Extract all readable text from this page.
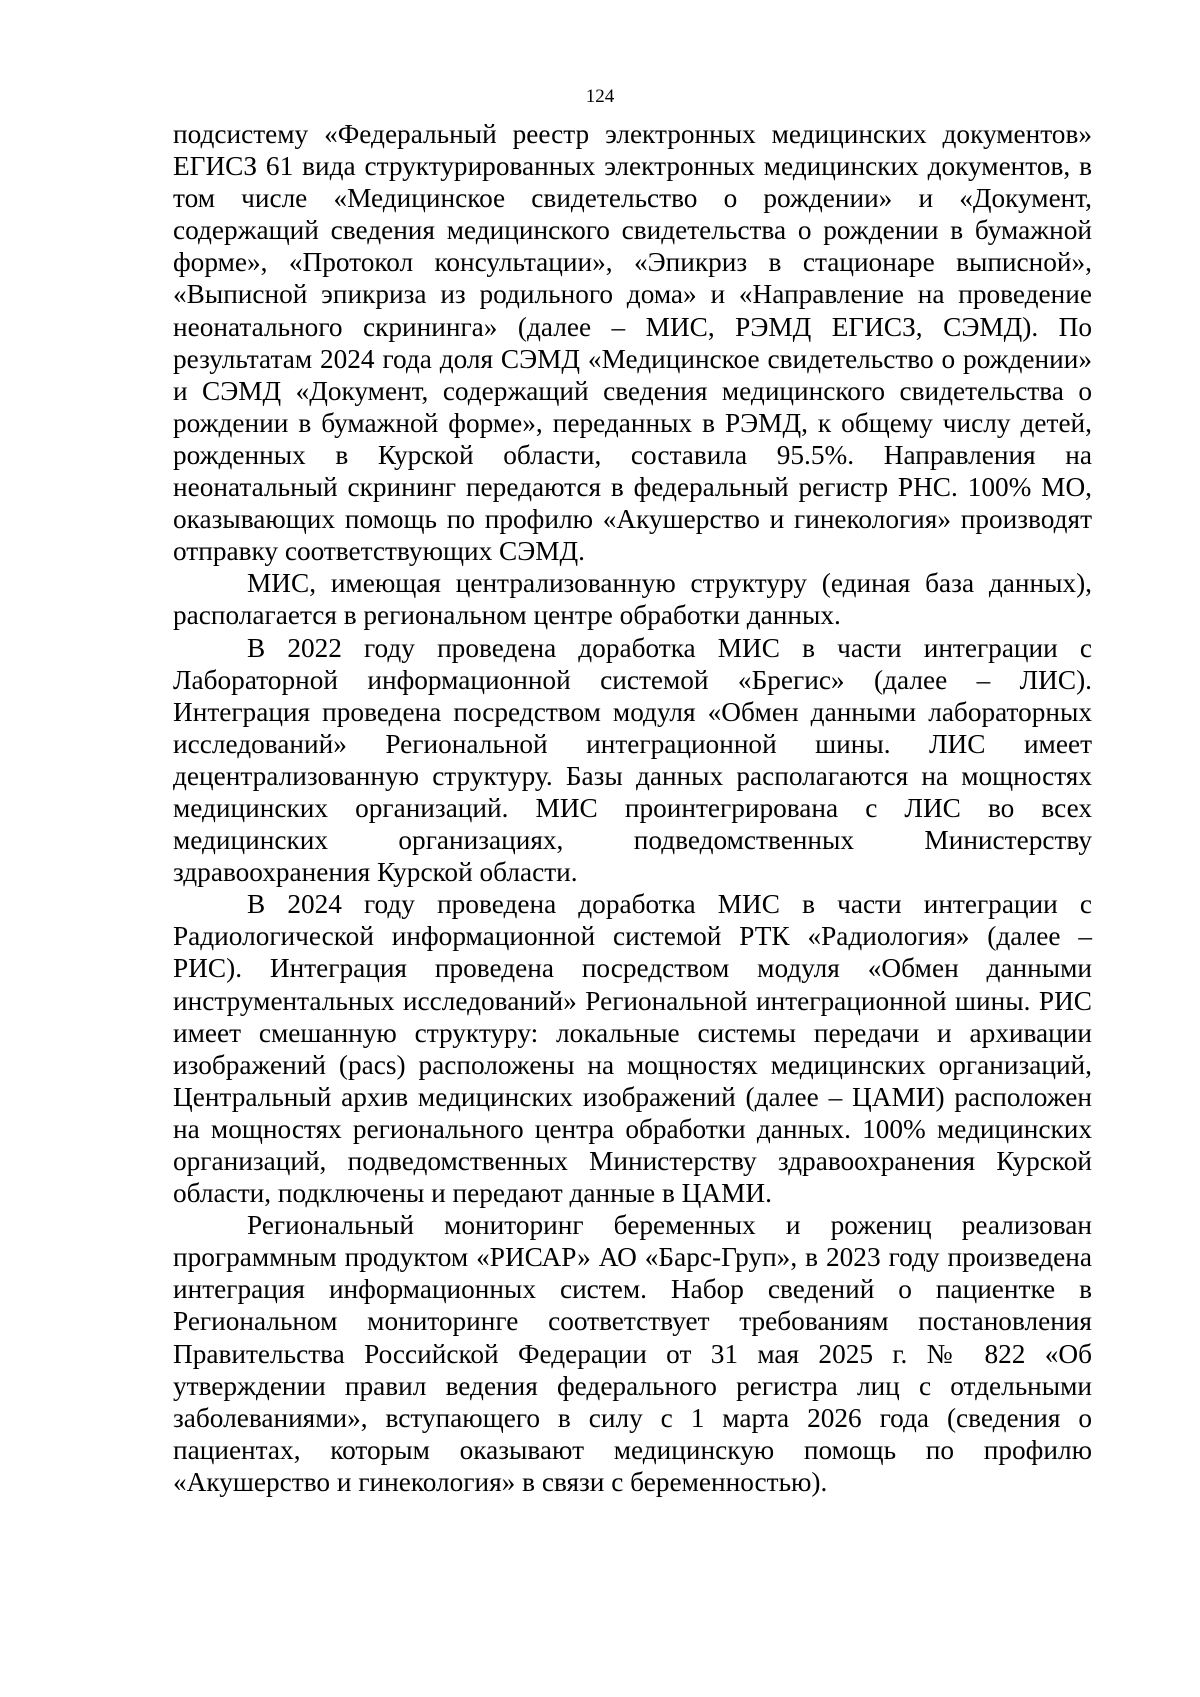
124

подсистему «Федеральный реестр электронных медицинских документов» ЕГИСЗ 61 вида структурированных электронных медицинских документов, в том числе «Медицинское свидетельство о рождении» и «Документ, содержащий сведения медицинского свидетельства о рождении в бумажной форме», «Протокол консультации», «Эпикриз в стационаре выписной», «Выписной эпикриза из родильного дома» и «Направление на проведение неонатального скрининга» (далее – МИС, РЭМД ЕГИСЗ, СЭМД). По результатам 2024 года доля СЭМД «Медицинское свидетельство о рождении» и СЭМД «Документ, содержащий сведения медицинского свидетельства о рождении в бумажной форме», переданных в РЭМД, к общему числу детей, рожденных в Курской области, составила 95.5%. Направления на неонатальный скрининг передаются в федеральный регистр РНС. 100% МО, оказывающих помощь по профилю «Акушерство и гинекология» производят отправку соответствующих СЭМД.

МИС, имеющая централизованную структуру (единая база данных), располагается в региональном центре обработки данных.

В 2022 году проведена доработка МИС в части интеграции с Лабораторной информационной системой «Брегис» (далее – ЛИС). Интеграция проведена посредством модуля «Обмен данными лабораторных исследований» Региональной интеграционной шины. ЛИС имеет децентрализованную структуру. Базы данных располагаются на мощностях медицинских организаций. МИС проинтегрирована с ЛИС во всех медицинских организациях, подведомственных Министерству здравоохранения Курской области.

В 2024 году проведена доработка МИС в части интеграции с Радиологической информационной системой РТК «Радиология» (далее – РИС). Интеграция проведена посредством модуля «Обмен данными инструментальных исследований» Региональной интеграционной шины. РИС имеет смешанную структуру: локальные системы передачи и архивации изображений (pacs) расположены на мощностях медицинских организаций, Центральный архив медицинских изображений (далее – ЦАМИ) расположен на мощностях регионального центра обработки данных. 100% медицинских организаций, подведомственных Министерству здравоохранения Курской области, подключены и передают данные в ЦАМИ.

Региональный мониторинг беременных и рожениц реализован программным продуктом «РИСАР» АО «Барс-Груп», в 2023 году произведена интеграция информационных систем. Набор сведений о пациентке в Региональном мониторинге соответствует требованиям постановления Правительства Российской Федерации от 31 мая 2025 г. № 822 «Об утверждении правил ведения федерального регистра лиц с отдельными заболеваниями», вступающего в силу с 1 марта 2026 года (сведения о пациентах, которым оказывают медицинскую помощь по профилю «Акушерство и гинекология» в связи с беременностью).
